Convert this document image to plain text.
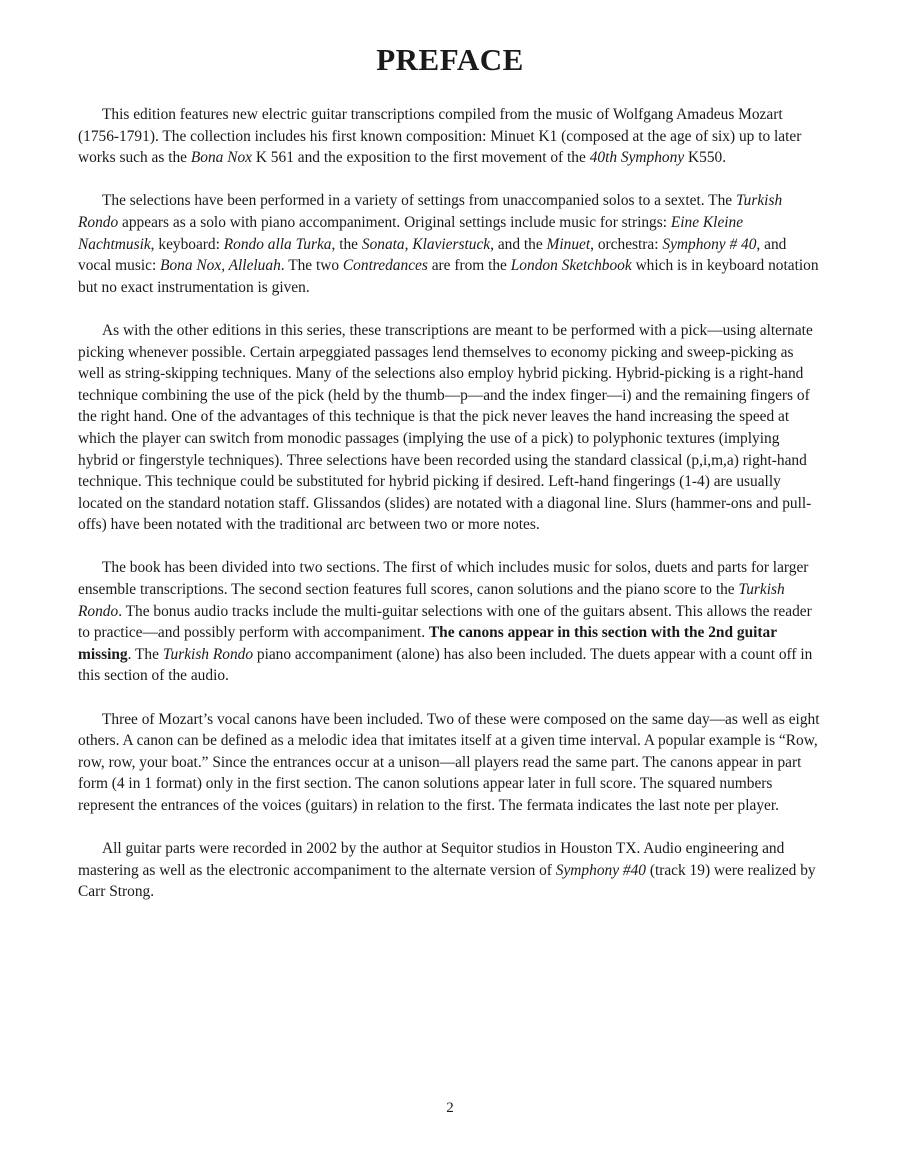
PREFACE

This edition features new electric guitar transcriptions compiled from the music of Wolfgang Amadeus Mozart (1756-1791). The collection includes his first known composition: Minuet K1 (composed at the age of six) up to later works such as the Bona Nox K 561 and the exposition to the first movement of the 40th Symphony K550.

The selections have been performed in a variety of settings from unaccompanied solos to a sextet. The Turkish Rondo appears as a solo with piano accompaniment. Original settings include music for strings: Eine Kleine Nachtmusik, keyboard: Rondo alla Turka, the Sonata, Klavierstuck, and the Minuet, orchestra: Symphony # 40, and vocal music: Bona Nox, Alleluah. The two Contredances are from the London Sketchbook which is in keyboard notation but no exact instrumentation is given.

As with the other editions in this series, these transcriptions are meant to be performed with a pick—using alternate picking whenever possible. Certain arpeggiated passages lend themselves to economy picking and sweep-picking as well as string-skipping techniques. Many of the selections also employ hybrid picking. Hybrid-picking is a right-hand technique combining the use of the pick (held by the thumb—p—and the index finger—i) and the remaining fingers of the right hand. One of the advantages of this technique is that the pick never leaves the hand increasing the speed at which the player can switch from monodic passages (implying the use of a pick) to polyphonic textures (implying hybrid or fingerstyle techniques). Three selections have been recorded using the standard classical (p,i,m,a) right-hand technique. This technique could be substituted for hybrid picking if desired. Left-hand fingerings (1-4) are usually located on the standard notation staff. Glissandos (slides) are notated with a diagonal line. Slurs (hammer-ons and pull-offs) have been notated with the traditional arc between two or more notes.

The book has been divided into two sections. The first of which includes music for solos, duets and parts for larger ensemble transcriptions. The second section features full scores, canon solutions and the piano score to the Turkish Rondo. The bonus audio tracks include the multi-guitar selections with one of the guitars absent. This allows the reader to practice—and possibly perform with accompaniment. The canons appear in this section with the 2nd guitar missing. The Turkish Rondo piano accompaniment (alone) has also been included. The duets appear with a count off in this section of the audio.

Three of Mozart’s vocal canons have been included. Two of these were composed on the same day—as well as eight others. A canon can be defined as a melodic idea that imitates itself at a given time interval. A popular example is “Row, row, row, your boat.” Since the entrances occur at a unison—all players read the same part. The canons appear in part form (4 in 1 format) only in the first section. The canon solutions appear later in full score. The squared numbers represent the entrances of the voices (guitars) in relation to the first. The fermata indicates the last note per player.

All guitar parts were recorded in 2002 by the author at Sequitor studios in Houston TX. Audio engineering and mastering as well as the electronic accompaniment to the alternate version of Symphony #40 (track 19) were realized by Carr Strong.

2
